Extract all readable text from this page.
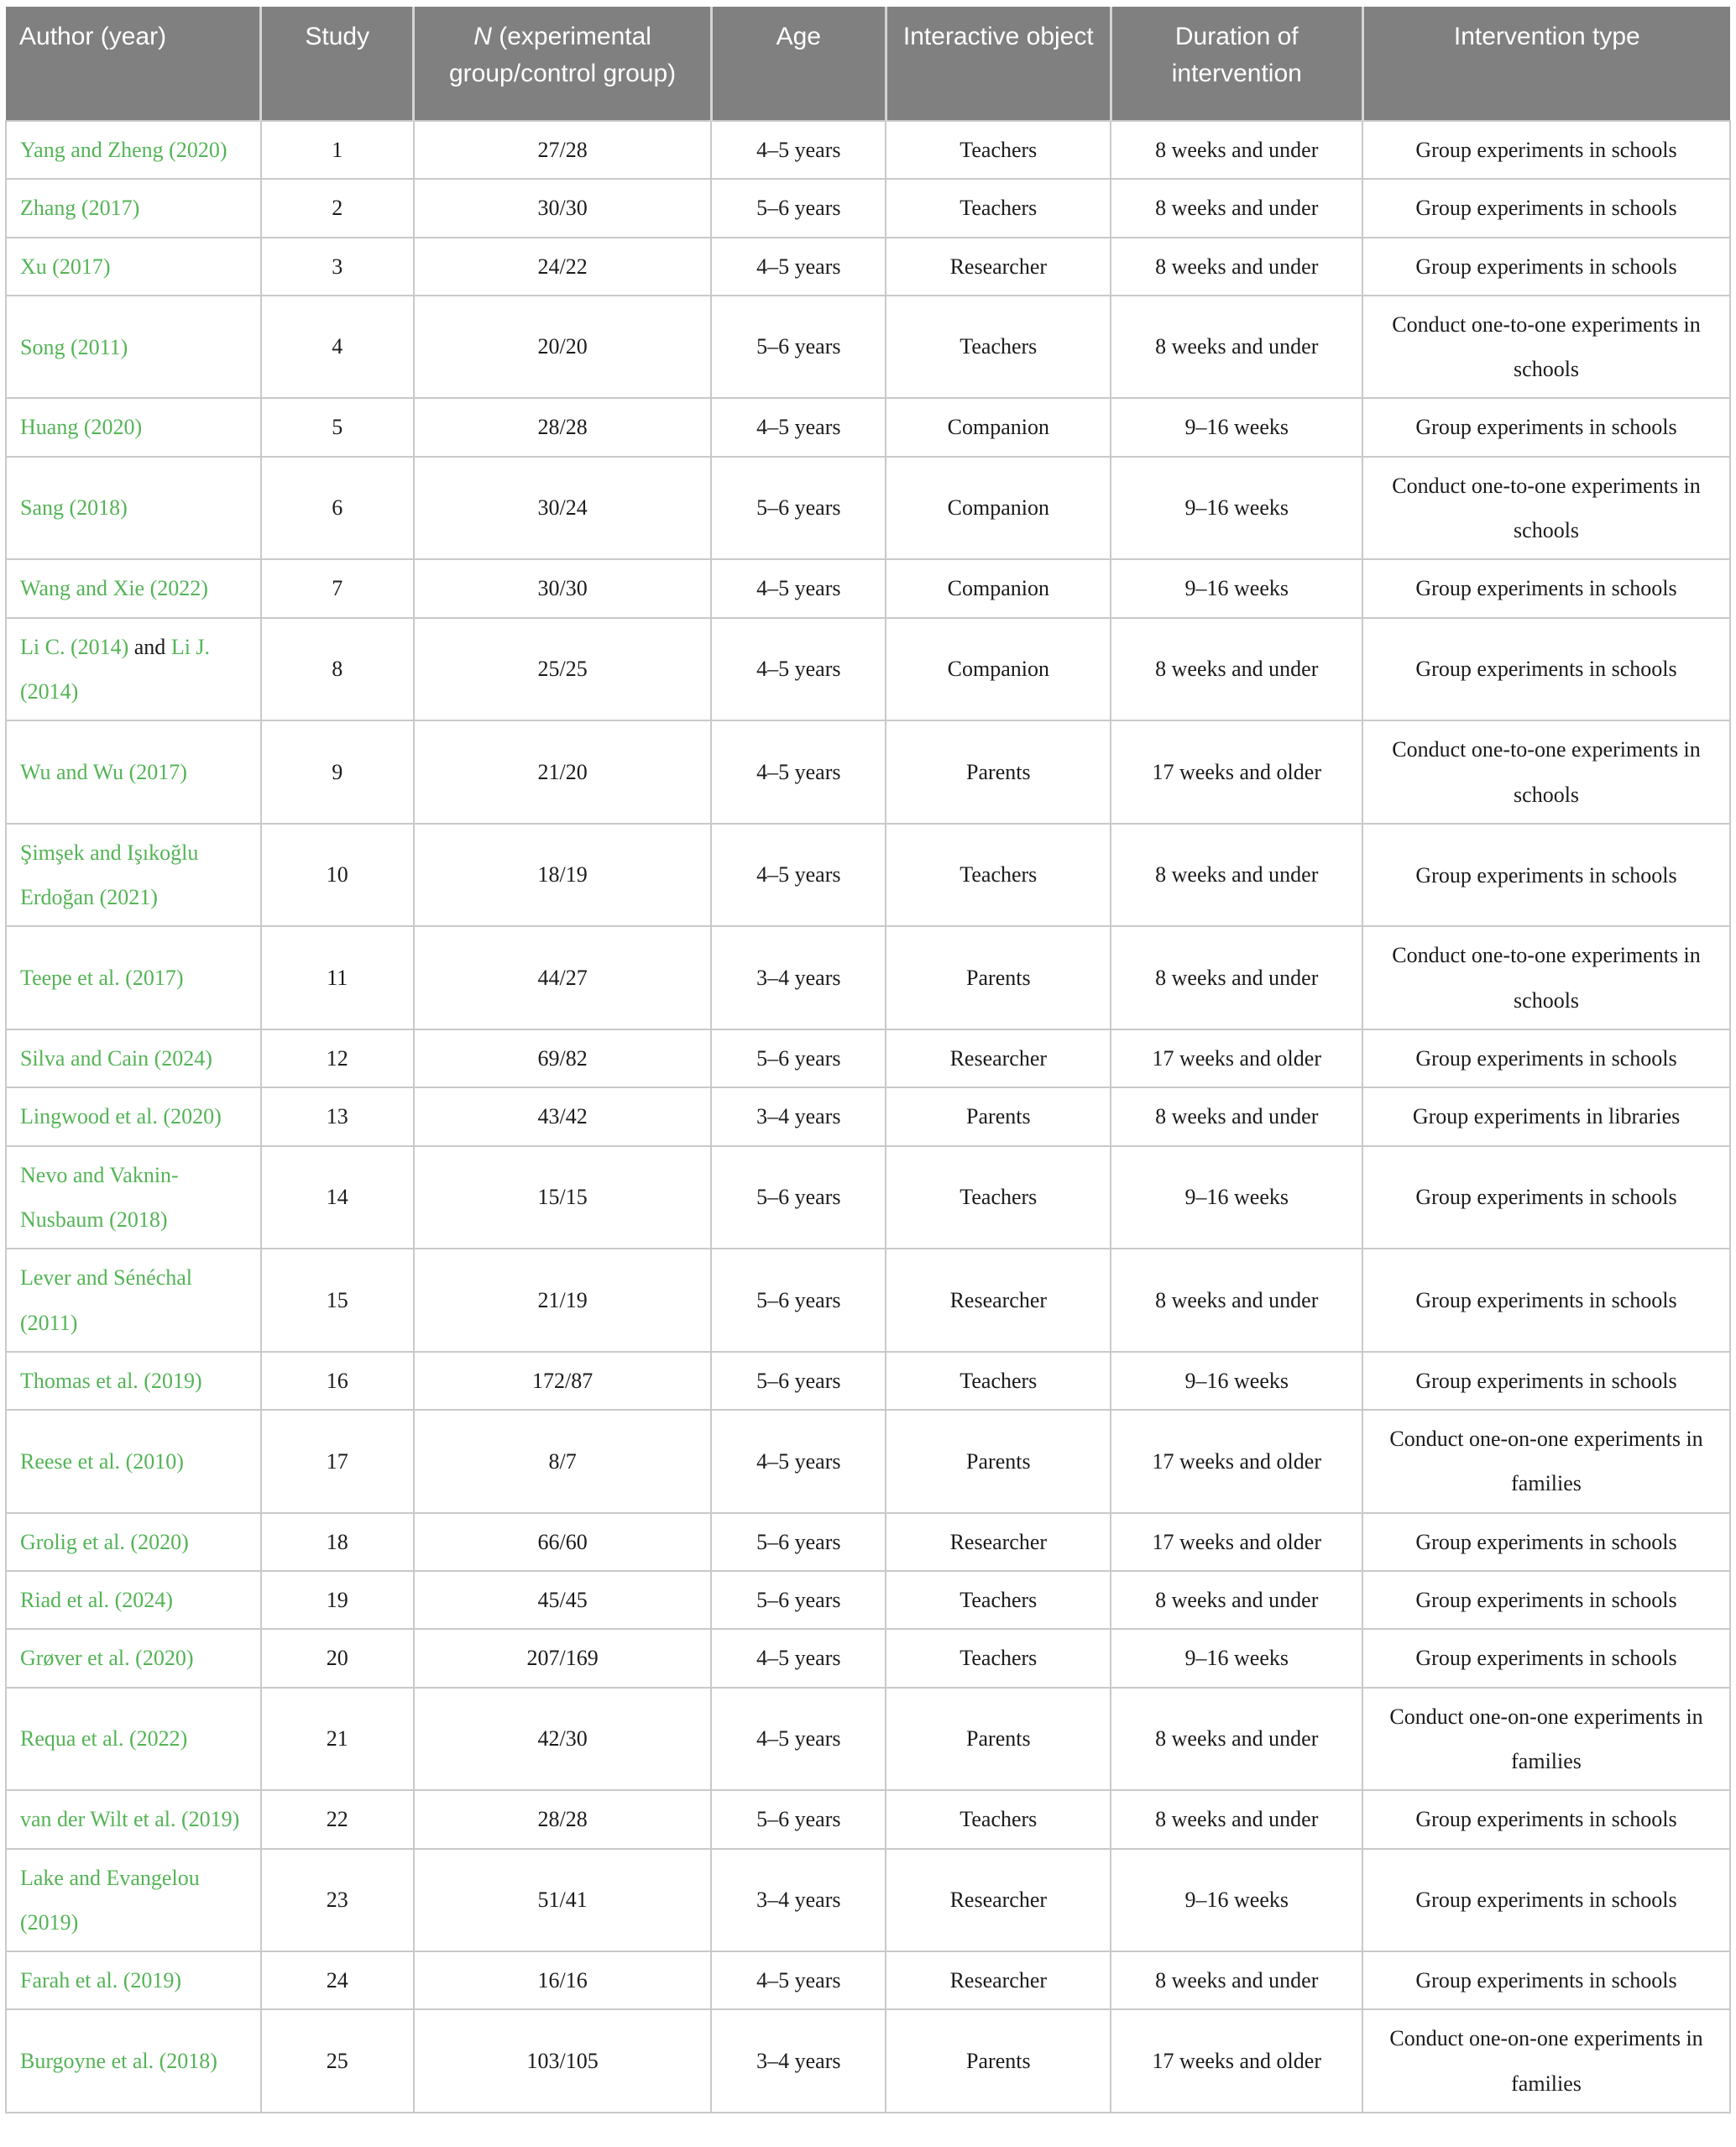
Author (year)	Study	N (experimental group/control group)	Age	Interactive object	Duration of intervention	Intervention type
Yang and Zheng (2020)	1	27/28	4–5 years	Teachers	8 weeks and under	Group experiments in schools
Zhang (2017)	2	30/30	5–6 years	Teachers	8 weeks and under	Group experiments in schools
Xu (2017)	3	24/22	4–5 years	Researcher	8 weeks and under	Group experiments in schools
Song (2011)	4	20/20	5–6 years	Teachers	8 weeks and under	Conduct one-to-one experiments in schools
Huang (2020)	5	28/28	4–5 years	Companion	9–16 weeks	Group experiments in schools
Sang (2018)	6	30/24	5–6 years	Companion	9–16 weeks	Conduct one-to-one experiments in schools
Wang and Xie (2022)	7	30/30	4–5 years	Companion	9–16 weeks	Group experiments in schools
Li C. (2014) and Li J. (2014)	8	25/25	4–5 years	Companion	8 weeks and under	Group experiments in schools
Wu and Wu (2017)	9	21/20	4–5 years	Parents	17 weeks and older	Conduct one-to-one experiments in schools
Şimşek and Işıkoğlu Erdoğan (2021)	10	18/19	4–5 years	Teachers	8 weeks and under	Group experiments in schools
Teepe et al. (2017)	11	44/27	3–4 years	Parents	8 weeks and under	Conduct one-to-one experiments in schools
Silva and Cain (2024)	12	69/82	5–6 years	Researcher	17 weeks and older	Group experiments in schools
Lingwood et al. (2020)	13	43/42	3–4 years	Parents	8 weeks and under	Group experiments in libraries
Nevo and Vaknin-Nusbaum (2018)	14	15/15	5–6 years	Teachers	9–16 weeks	Group experiments in schools
Lever and Sénéchal (2011)	15	21/19	5–6 years	Researcher	8 weeks and under	Group experiments in schools
Thomas et al. (2019)	16	172/87	5–6 years	Teachers	9–16 weeks	Group experiments in schools
Reese et al. (2010)	17	8/7	4–5 years	Parents	17 weeks and older	Conduct one-on-one experiments in families
Grolig et al. (2020)	18	66/60	5–6 years	Researcher	17 weeks and older	Group experiments in schools
Riad et al. (2024)	19	45/45	5–6 years	Teachers	8 weeks and under	Group experiments in schools
Grøver et al. (2020)	20	207/169	4–5 years	Teachers	9–16 weeks	Group experiments in schools
Requa et al. (2022)	21	42/30	4–5 years	Parents	8 weeks and under	Conduct one-on-one experiments in families
van der Wilt et al. (2019)	22	28/28	5–6 years	Teachers	8 weeks and under	Group experiments in schools
Lake and Evangelou (2019)	23	51/41	3–4 years	Researcher	9–16 weeks	Group experiments in schools
Farah et al. (2019)	24	16/16	4–5 years	Researcher	8 weeks and under	Group experiments in schools
Burgoyne et al. (2018)	25	103/105	3–4 years	Parents	17 weeks and older	Conduct one-on-one experiments in families
